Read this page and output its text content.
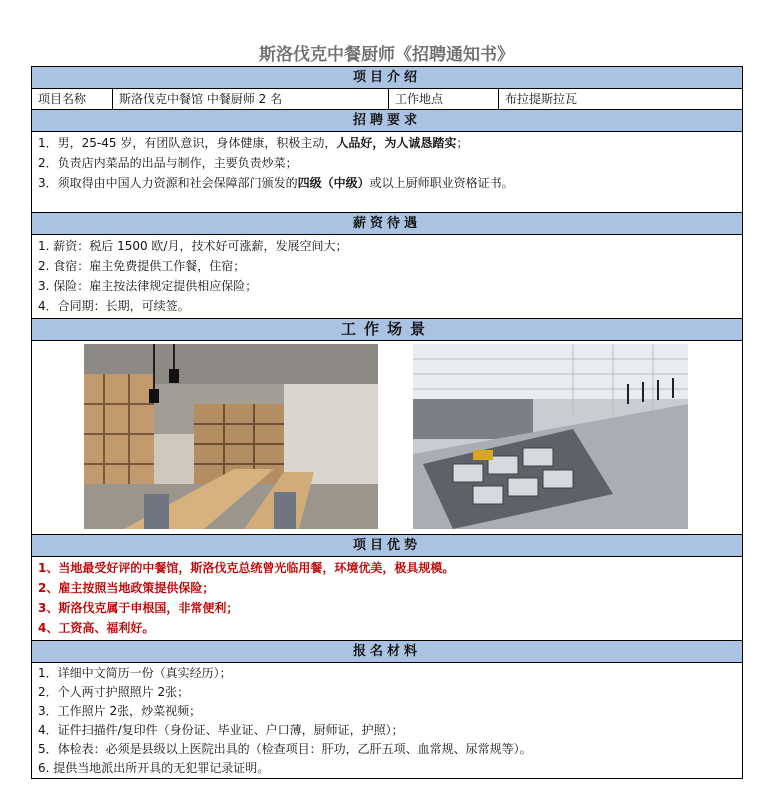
斯洛伐克中餐厨师《招聘通知书》
项目介绍
项目名称	斯洛伐克中餐馆 中餐厨师 2 名	工作地点	布拉提斯拉瓦
招聘要求
1．男，25-45 岁，有团队意识，身体健康，积极主动，人品好，为人诚恳踏实；
2．负责店内菜品的出品与制作，主要负责炒菜；
3．须取得由中国人力资源和社会保障部门颁发的四级（中级）或以上厨师职业资格证书。
薪资待遇
1. 薪资：税后 1500 欧/月，技术好可涨薪，发展空间大；
2. 食宿：雇主免费提供工作餐，住宿；
3. 保险：雇主按法律规定提供相应保险；
4．合同期：长期，可续签。
工作场景
项目优势
1、当地最受好评的中餐馆，斯洛伐克总统曾光临用餐，环境优美，极具规模。
2、雇主按照当地政策提供保险；
3、斯洛伐克属于申根国，非常便利；
4、工资高、福利好。
报名材料
1．详细中文简历一份（真实经历）；
2．个人两寸护照照片 2张；
3．工作照片 2张，炒菜视频；
4．证件扫描件/复印件（身份证、毕业证、户口薄，厨师证，护照）；
5．体检表：必须是县级以上医院出具的（检查项目：肝功，乙肝五项、血常规、尿常规等）。
6. 提供当地派出所开具的无犯罪记录证明。
